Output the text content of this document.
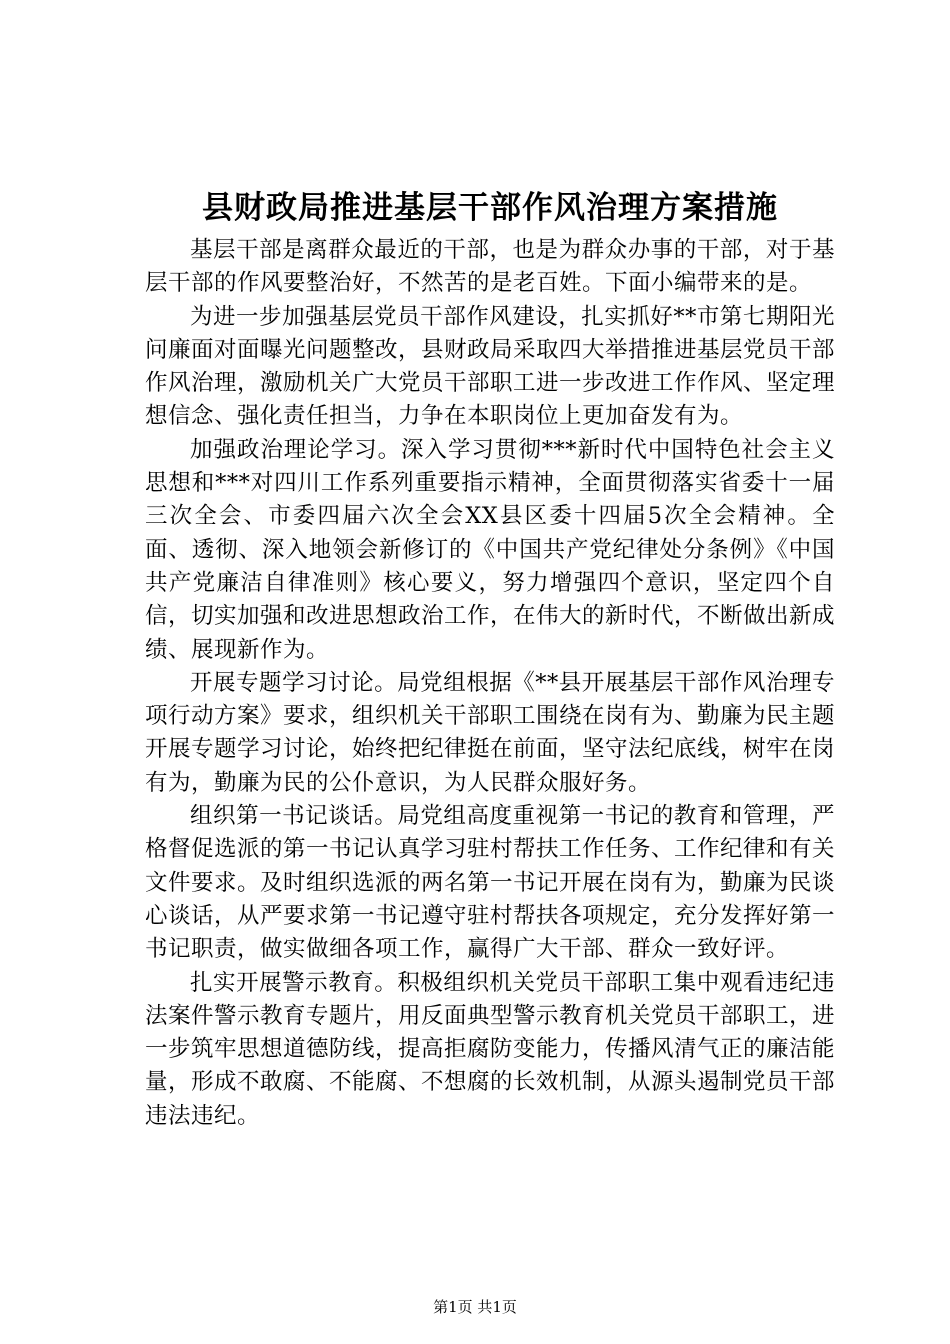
县财政局推进基层干部作风治理方案措施

基层干部是离群众最近的干部，也是为群众办事的干部，对于基层干部的作风要整治好，不然苦的是老百姓。下面小编带来的是。

为进一步加强基层党员干部作风建设，扎实抓好**市第七期阳光问廉面对面曝光问题整改，县财政局采取四大举措推进基层党员干部作风治理，激励机关广大党员干部职工进一步改进工作作风、坚定理想信念、强化责任担当，力争在本职岗位上更加奋发有为。

加强政治理论学习。深入学习贯彻***新时代中国特色社会主义思想和***对四川工作系列重要指示精神，全面贯彻落实省委十一届三次全会、市委四届六次全会XX县区委十四届5次全会精神。全面、透彻、深入地领会新修订的《中国共产党纪律处分条例》《中国共产党廉洁自律准则》核心要义，努力增强四个意识，坚定四个自信，切实加强和改进思想政治工作，在伟大的新时代，不断做出新成绩、展现新作为。

开展专题学习讨论。局党组根据《**县开展基层干部作风治理专项行动方案》要求，组织机关干部职工围绕在岗有为、勤廉为民主题开展专题学习讨论，始终把纪律挺在前面，坚守法纪底线，树牢在岗有为，勤廉为民的公仆意识，为人民群众服好务。

组织第一书记谈话。局党组高度重视第一书记的教育和管理，严格督促选派的第一书记认真学习驻村帮扶工作任务、工作纪律和有关文件要求。及时组织选派的两名第一书记开展在岗有为，勤廉为民谈心谈话，从严要求第一书记遵守驻村帮扶各项规定，充分发挥好第一书记职责，做实做细各项工作，赢得广大干部、群众一致好评。

扎实开展警示教育。积极组织机关党员干部职工集中观看违纪违法案件警示教育专题片，用反面典型警示教育机关党员干部职工，进一步筑牢思想道德防线，提高拒腐防变能力，传播风清气正的廉洁能量，形成不敢腐、不能腐、不想腐的长效机制，从源头遏制党员干部违法违纪。

第1页 共1页
